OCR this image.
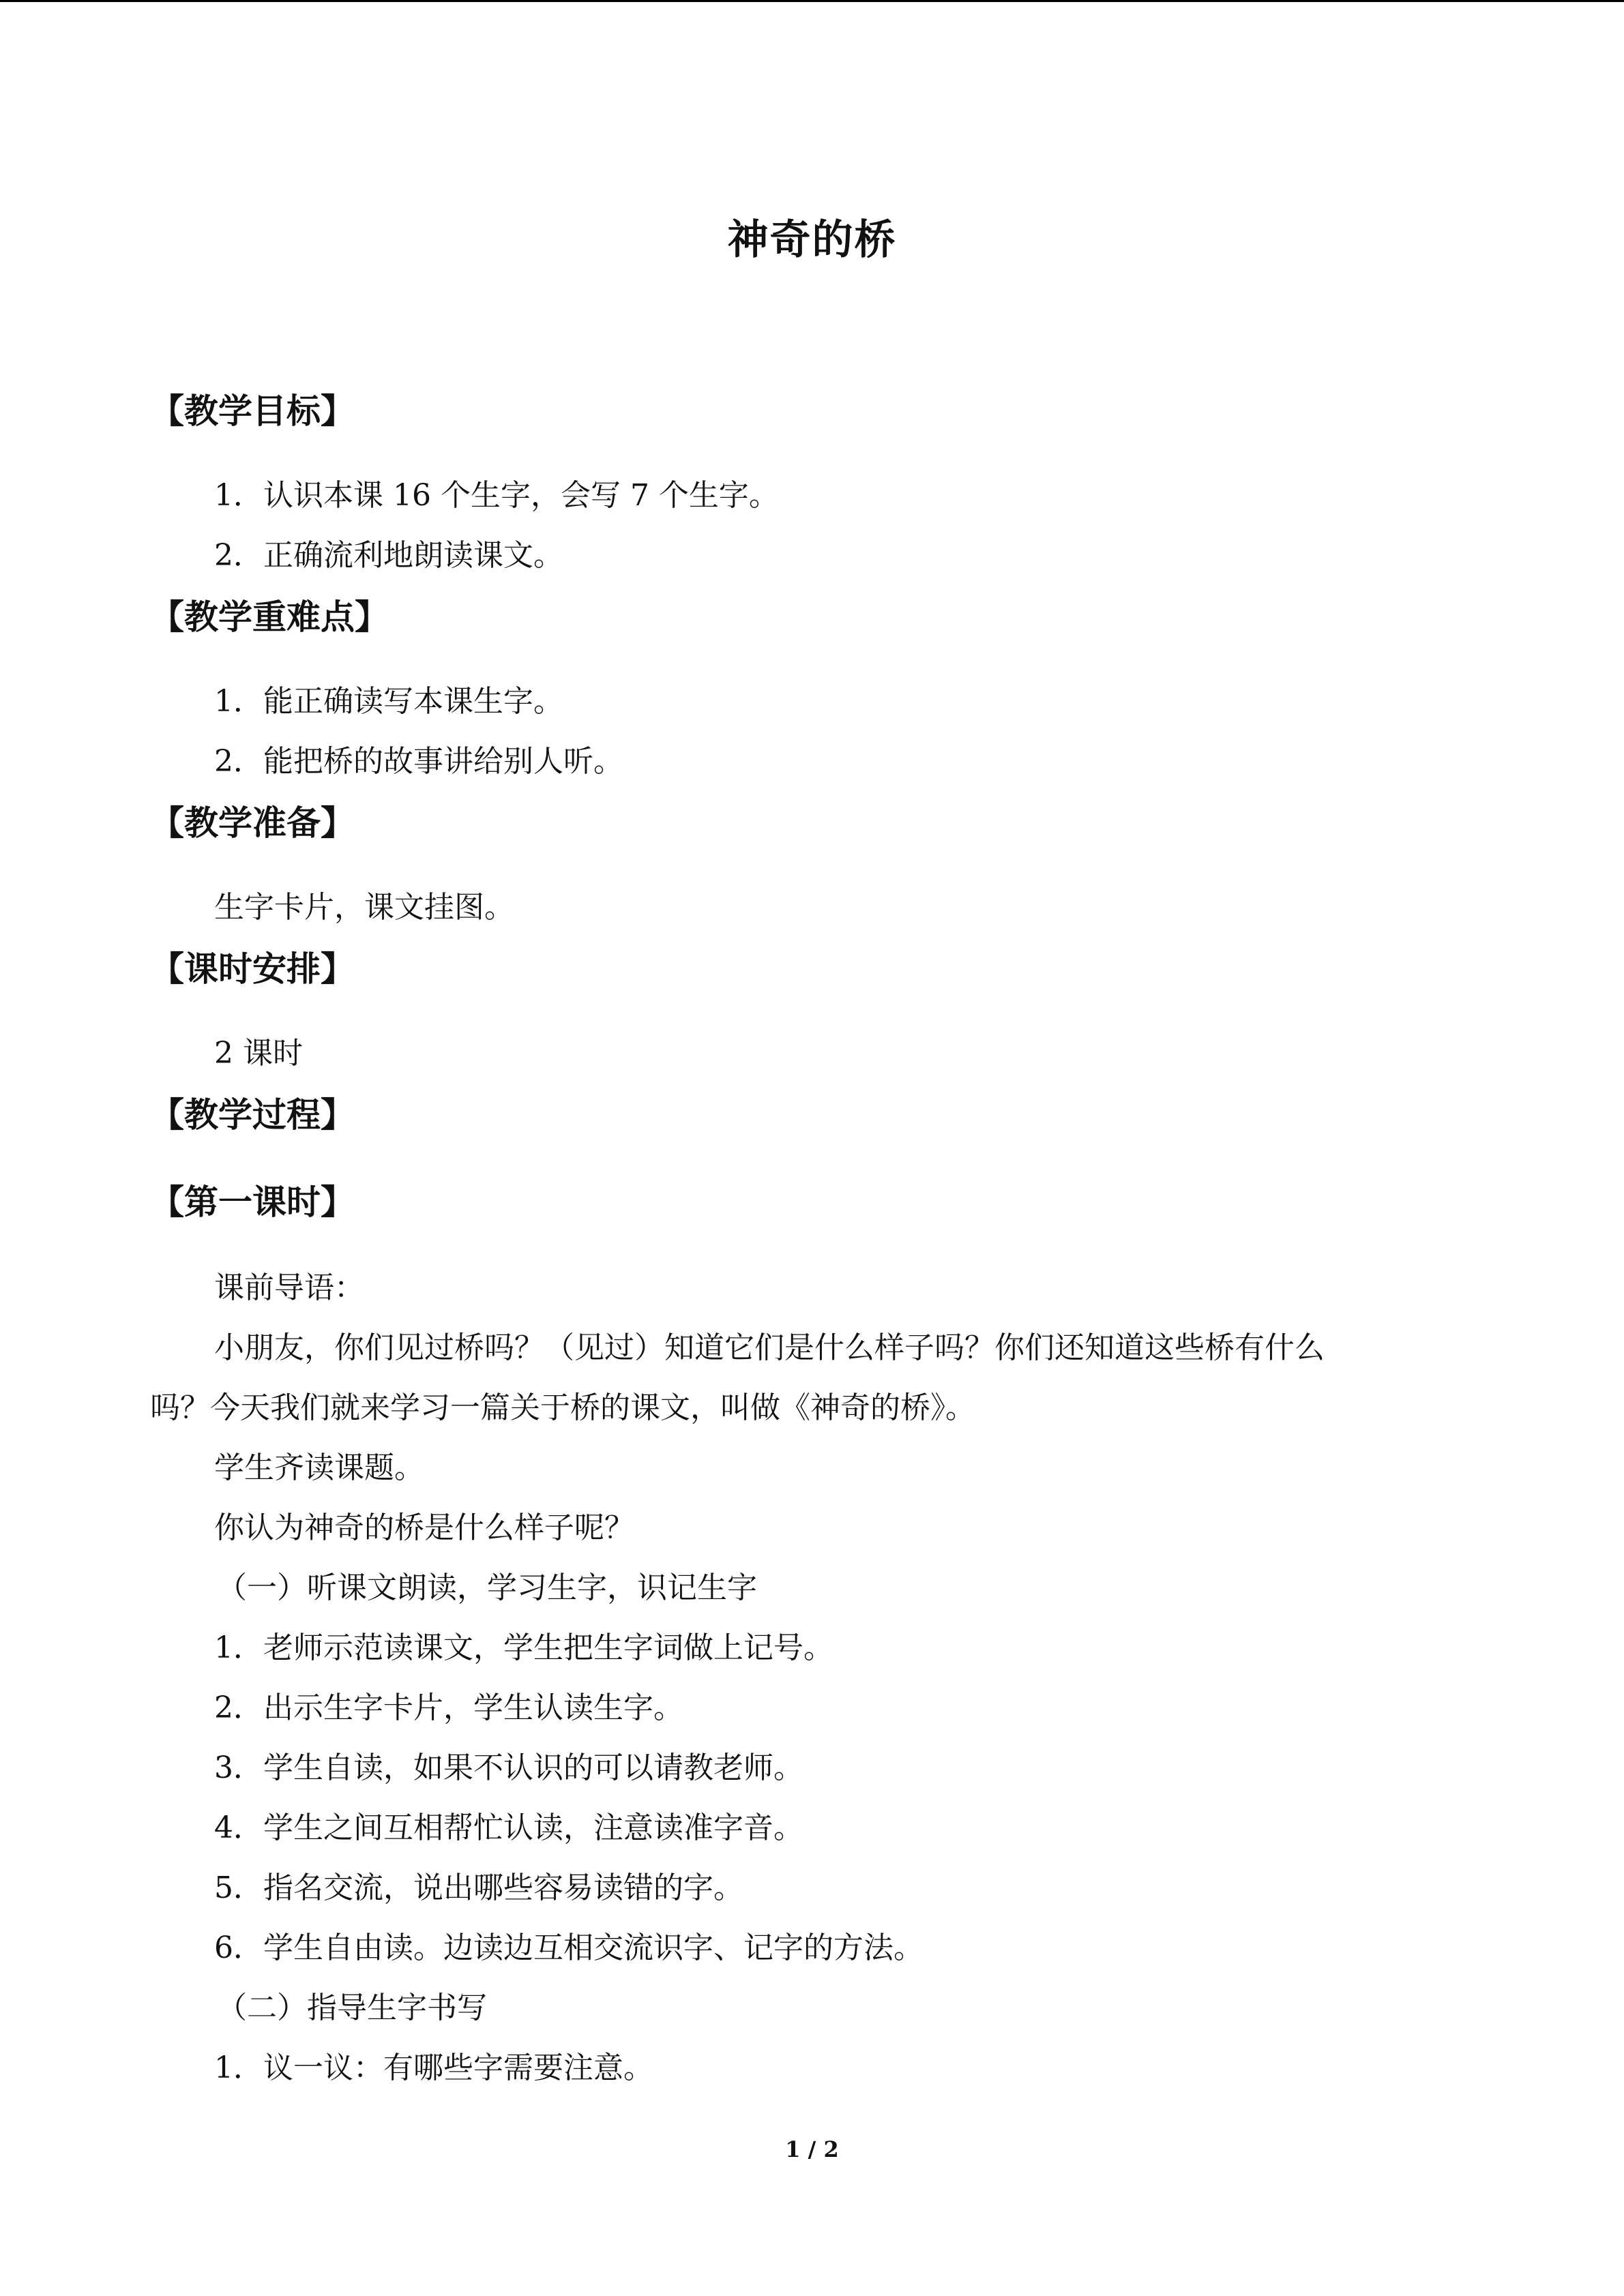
神奇的桥
【教学目标】
1．认识本课 16 个生字，会写 7 个生字。
2．正确流利地朗读课文。
【教学重难点】
1．能正确读写本课生字。
2．能把桥的故事讲给别人听。
【教学准备】
生字卡片，课文挂图。
【课时安排】
2 课时
【教学过程】
【第一课时】
课前导语：
小朋友，你们见过桥吗？（见过）知道它们是什么样子吗？你们还知道这些桥有什么
吗？今天我们就来学习一篇关于桥的课文，叫做《神奇的桥》。
学生齐读课题。
你认为神奇的桥是什么样子呢？
（一）听课文朗读，学习生字，识记生字
1．老师示范读课文，学生把生字词做上记号。
2．出示生字卡片，学生认读生字。
3．学生自读，如果不认识的可以请教老师。
4．学生之间互相帮忙认读，注意读准字音。
5．指名交流，说出哪些容易读错的字。
6．学生自由读。边读边互相交流识字、记字的方法。
（二）指导生字书写
1．议一议：有哪些字需要注意。
1 / 2
